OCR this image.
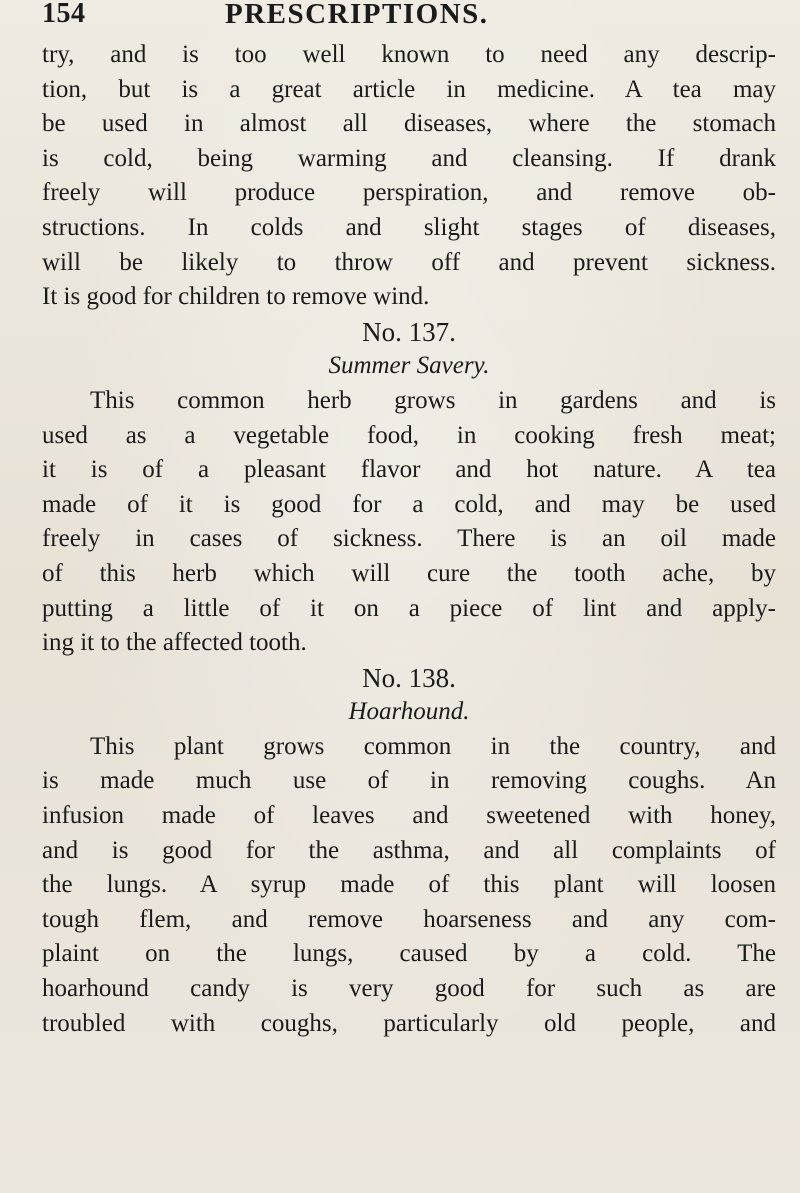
154	PRESCRIPTIONS.
try, and is too well known to need any descrip-
tion, but is a great article in medicine. A tea may
be used in almost all diseases, where the stomach
is cold, being warming and cleansing. If drank
freely will produce perspiration, and remove ob-
structions. In colds and slight stages of diseases,
will be likely to throw off and prevent sickness.
It is good for children to remove wind.
No. 137.
Summer Savery.
This common herb grows in gardens and is
used as a vegetable food, in cooking fresh meat;
it is of a pleasant flavor and hot nature. A tea
made of it is good for a cold, and may be used
freely in cases of sickness. There is an oil made
of this herb which will cure the tooth ache, by
putting a little of it on a piece of lint and apply-
ing it to the affected tooth.
No. 138.
Hoarhound.
This plant grows common in the country, and
is made much use of in removing coughs. An
infusion made of leaves and sweetened with honey,
and is good for the asthma, and all complaints of
the lungs. A syrup made of this plant will loosen
tough flem, and remove hoarseness and any com-
plaint on the lungs, caused by a cold. The
hoarhound candy is very good for such as are
troubled with coughs, particularly old people, and
